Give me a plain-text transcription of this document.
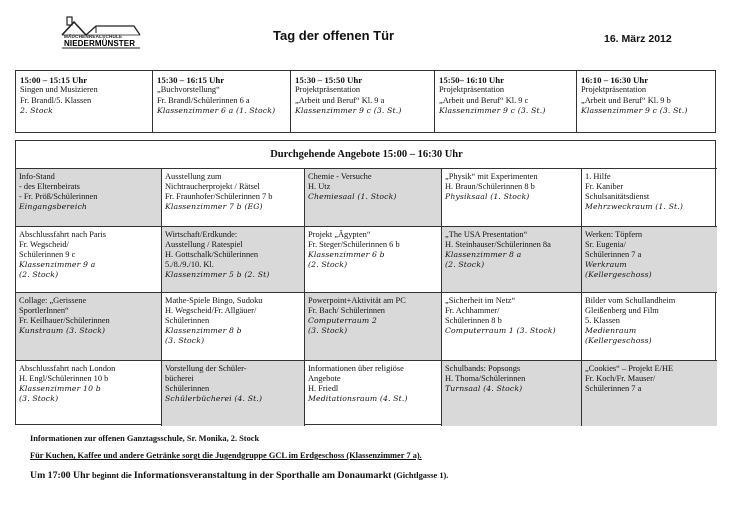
MÄDCHENREALSCHULE
NIEDERMÜNSTER
Tag der offenen Tür	16. März 2012
15:00 – 15:15 Uhr
Singen und Musizieren
Fr. Brandl/5. Klassen
2. Stock
15:30 – 16:15 Uhr
„Buchvorstellung“
Fr. Brandl/Schülerinnen 6 a
Klassenzimmer 6 a (1. Stock)
15:30 – 15:50 Uhr
Projektpräsentation
„Arbeit und Beruf“ Kl. 9 a
Klassenzimmer 9 c (3. St.)
15:50– 16:10 Uhr
Projektpräsentation
„Arbeit und Beruf“ Kl. 9 c
Klassenzimmer 9 c (3. St.)
16:10 – 16:30 Uhr
Projektpräsentation
„Arbeit und Beruf“ Kl. 9 b
Klassenzimmer 9 c (3. St.)
Durchgehende Angebote 15:00 – 16:30 Uhr
Info-Stand
- des Elternbeirats
- Fr. Pröß/Schülerinnen
Eingangsbereich
Ausstellung zum
Nichtraucherprojekt / Rätsel
Fr. Fraunhofer/Schülerinnen 7 b
Klassenzimmer 7 b (EG)
Chemie - Versuche
H. Utz
Chemiesaal (1. Stock)
„Physik“ mit Experimenten
H. Braun/Schülerinnen 8 b
Physiksaal (1. Stock)
1. Hilfe
Fr. Kaniber
Schulsanitätsdienst
Mehrzweckraum (1. St.)
Abschlussfahrt nach Paris
Fr. Wegscheid/
Schülerinnen 9 c
Klassenzimmer 9 a
(2. Stock)
Wirtschaft/Erdkunde:
Ausstellung / Ratespiel
H. Gottschalk/Schülerinnen
5./8./9./10. Kl.
Klassenzimmer 5 b (2. St)
Projekt „Ägypten“
Fr. Steger/Schülerinnen 6 b
Klassenzimmer 6 b
(2. Stock)
„The USA Presentation“
H. Steinhauser/Schülerinnen 8a
Klassenzimmer 8 a
(2. Stock)
Werken: Töpfern
Sr. Eugenia/
Schülerinnen 7 a
Werkraum
(Kellergeschoss)
Collage: „Gerissene
SportlerInnen“
Fr. Keilhauer/Schülerinnen
Kunstraum (3. Stock)
Mathe-Spiele Bingo, Sudoku
H. Wegscheid/Fr. Allgäuer/
Schülerinnen
Klassenzimmer 8 b
(3. Stock)
Powerpoint+Aktivität am PC
Fr. Bach/ Schülerinnen
Computerraum 2
(3. Stock)
„Sicherheit im Netz“
Fr. Achhammer/
Schülerinnen 8 b
Computerraum 1 (3. Stock)
Bilder vom Schullandheim
Gleißenberg und Film
5. Klassen
Medienraum
(Kellergeschoss)
Abschlussfahrt nach London
H. Engl/Schülerinnen 10 b
Klassenzimmer 10 b
(3. Stock)
Vorstellung der Schüler-
bücherei
Schülerinnen
Schülerbücherei (4. St.)
Informationen über religiöse
Angebote
H. Friedl
Meditationsraum (4. St.)
Schulbands: Popsongs
H. Thoma/Schülerinnen
Turnsaal (4. Stock)
„Cookies“ – Projekt E/HE
Fr. Koch/Fr. Mauser/
Schülerinnen 7 a
Informationen zur offenen Ganztagsschule, Sr. Monika, 2. Stock
Für Kuchen, Kaffee und andere Getränke sorgt die Jugendgruppe GCL im Erdgeschoss (Klassenzimmer 7 a).
Um 17:00 Uhr beginnt die Informationsveranstaltung in der Sporthalle am Donaumarkt (Gichtlgasse 1).
